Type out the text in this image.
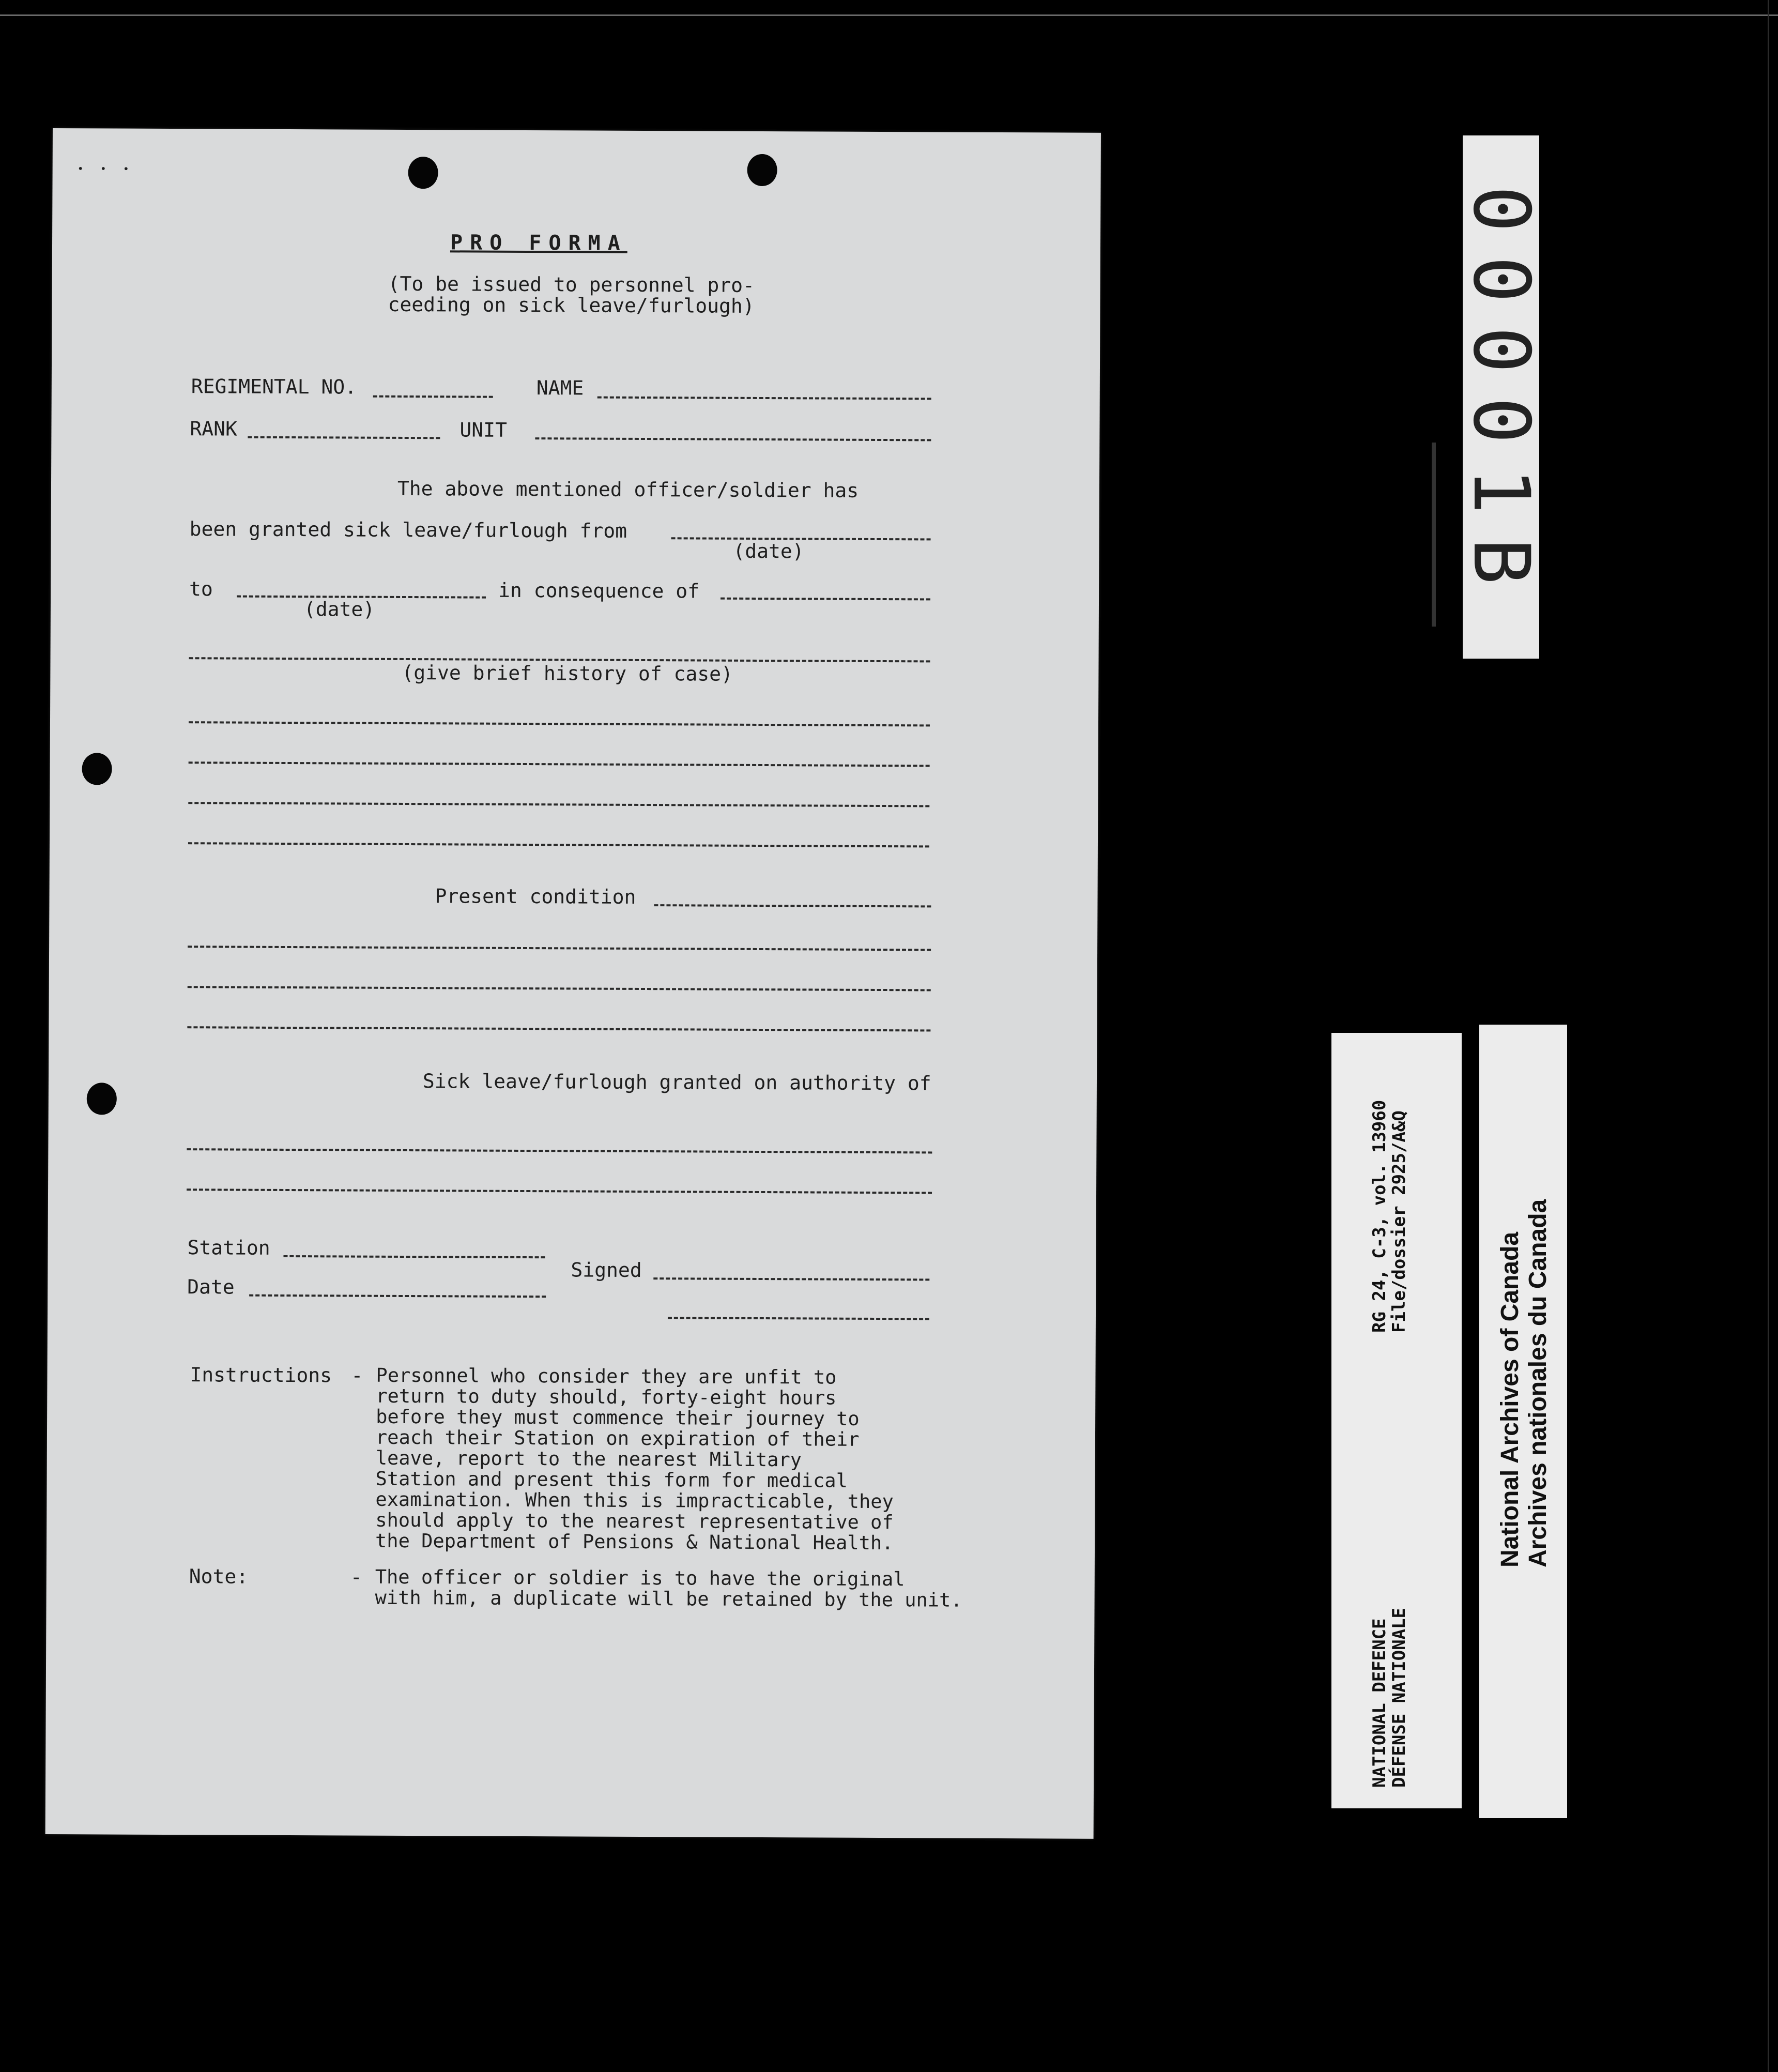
• • •
PRO FORMA
(To be issued to personnel pro-
ceeding on sick leave/furlough)
REGIMENTAL NO.	NAME
RANK	UNIT
The above mentioned officer/soldier has
been granted sick leave/furlough from
(date)
to
(date)
in consequence of
(give brief history of case)
Present condition
Sick leave/furlough granted on authority of
Station
Date
Signed
Instructions - Personnel who consider they are unfit to
return to duty should, forty-eight hours
before they must commence their journey to
reach their Station on expiration of their
leave, report to the nearest Military
Station and present this form for medical
examination. When this is impracticable, they
should apply to the nearest representative of
the Department of Pensions & National Health.
Note:	- The officer or soldier is to have the original
with him, a duplicate will be retained by the unit.
00001B
RG 24, C-3, vol. 13960
File/dossier 2925/A&Q
NATIONAL DEFENCE
DÉFENSE NATIONALE
National Archives of Canada Archives nationales du Canada
